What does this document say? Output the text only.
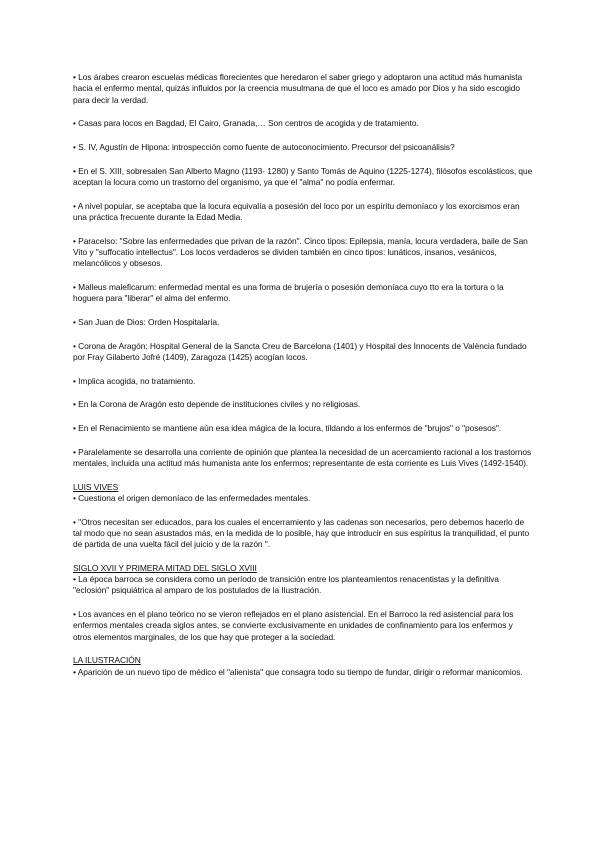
• Los árabes crearon escuelas médicas florecientes que heredaron el saber griego y adoptaron una actitud más humanista hacia el enfermo mental, quizás influidos por la creencia musulmana de que el loco es amado por Dios y ha sido escogido para decir la verdad.

• Casas para locos en Bagdad, El Cairo, Granada,… Son centros de acogida y de tratamiento.

• S. IV, Agustín de Hipona: introspección como fuente de autoconocimiento. Precursor del psicoanálisis?

• En el S. XIII, sobresalen San Alberto Magno (1193- 1280) y Santo Tomás de Aquino (1225-1274), filósofos escolásticos, que aceptan la locura como un trastorno del organismo, ya que el "alma" no podía enfermar.

• A nivel popular, se aceptaba que la locura equivalía a posesión del loco por un espíritu demoníaco y los exorcismos eran una práctica frecuente durante la Edad Media.

• Paracelso: "Sobre las enfermedades que privan de la razón". Cinco tipos: Epilepsia, manía, locura verdadera, baile de San Vito y "suffocatio intellectus". Los locos verdaderos se dividen también en cinco tipos: lunáticos, insanos, vesánicos, melancólicos y obsesos.

• Malleus maleficarum: enfermedad mental es una forma de brujería o posesión demoníaca cuyo tto era la tortura o la hoguera para "liberar" el alma del enfermo.

• San Juan de Dios: Orden Hospitalaria.

• Corona de Aragón: Hospital General de la Sancta Creu de Barcelona (1401) y Hospital des Innocents de València fundado por Fray Gilaberto Jofré (1409), Zaragoza (1425) acogían locos.

• Implica acogida, no tratamiento.

• En la Corona de Aragón esto depende de instituciones civiles y no religiosas.

• En el Renacimiento se mantiene aún esa idea mágica de la locura, tildando a los enfermos de "brujos" o "posesos".

• Paralelamente se desarrolla una corriente de opinión que plantea la necesidad de un acercamiento racional a los trastornos mentales, incluida una actitud más humanista ante los enfermos; representante de esta corriente es Luis Vives (1492-1540).

LUIS VIVES

• Cuestiona el origen demoníaco de las enfermedades mentales.

• "Otros necesitan ser educados, para los cuales el encerramiento y las cadenas son necesarios, pero debemos hacerlo de tal modo que no sean asustados más, en la medida de lo posible, hay que introducir en sus espíritus la tranquilidad, el punto de partida de una vuelta fácil del juicio y de la razón ".

SIGLO XVII Y PRIMERA MITAD DEL SIGLO XVIII

• La época barroca se considera como un período de transición entre los planteamientos renacentistas y la definitiva "eclosión" psiquiátrica al amparo de los postulados de la Ilustración.

• Los avances en el plano teórico no se vieron reflejados en el plano asistencial. En el Barroco la red asistencial para los enfermos mentales creada siglos antes, se convierte exclusivamente en unidades de confinamiento para los enfermos y otros elementos marginales, de los que hay que proteger a la sociedad.

LA ILUSTRACIÓN

• Aparición de un nuevo tipo de médico el "alienista" que consagra todo su tiempo de fundar, dirigir o reformar manicomios.
